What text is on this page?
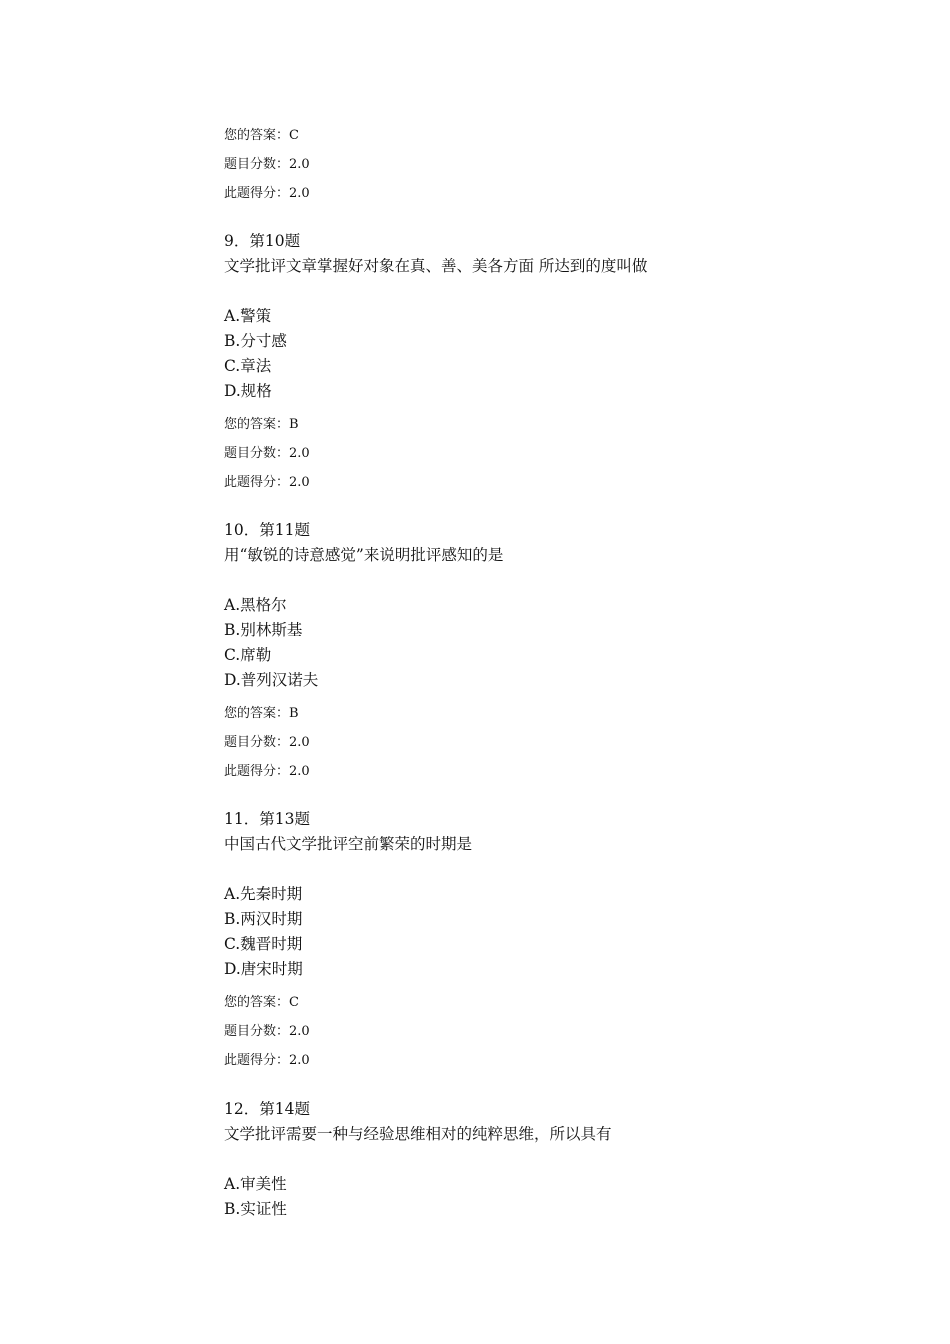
您的答案：C
题目分数：2.0
此题得分：2.0
9．第10题
文学批评文章掌握好对象在真、善、美各方面 所达到的度叫做
A.警策
B.分寸感
C.章法
D.规格
您的答案：B
题目分数：2.0
此题得分：2.0
10．第11题
用“敏锐的诗意感觉”来说明批评感知的是
A.黑格尔
B.别林斯基
C.席勒
D.普列汉诺夫
您的答案：B
题目分数：2.0
此题得分：2.0
11．第13题
中国古代文学批评空前繁荣的时期是
A.先秦时期
B.两汉时期
C.魏晋时期
D.唐宋时期
您的答案：C
题目分数：2.0
此题得分：2.0
12．第14题
文学批评需要一种与经验思维相对的纯粹思维，所以具有
A.审美性
B.实证性
